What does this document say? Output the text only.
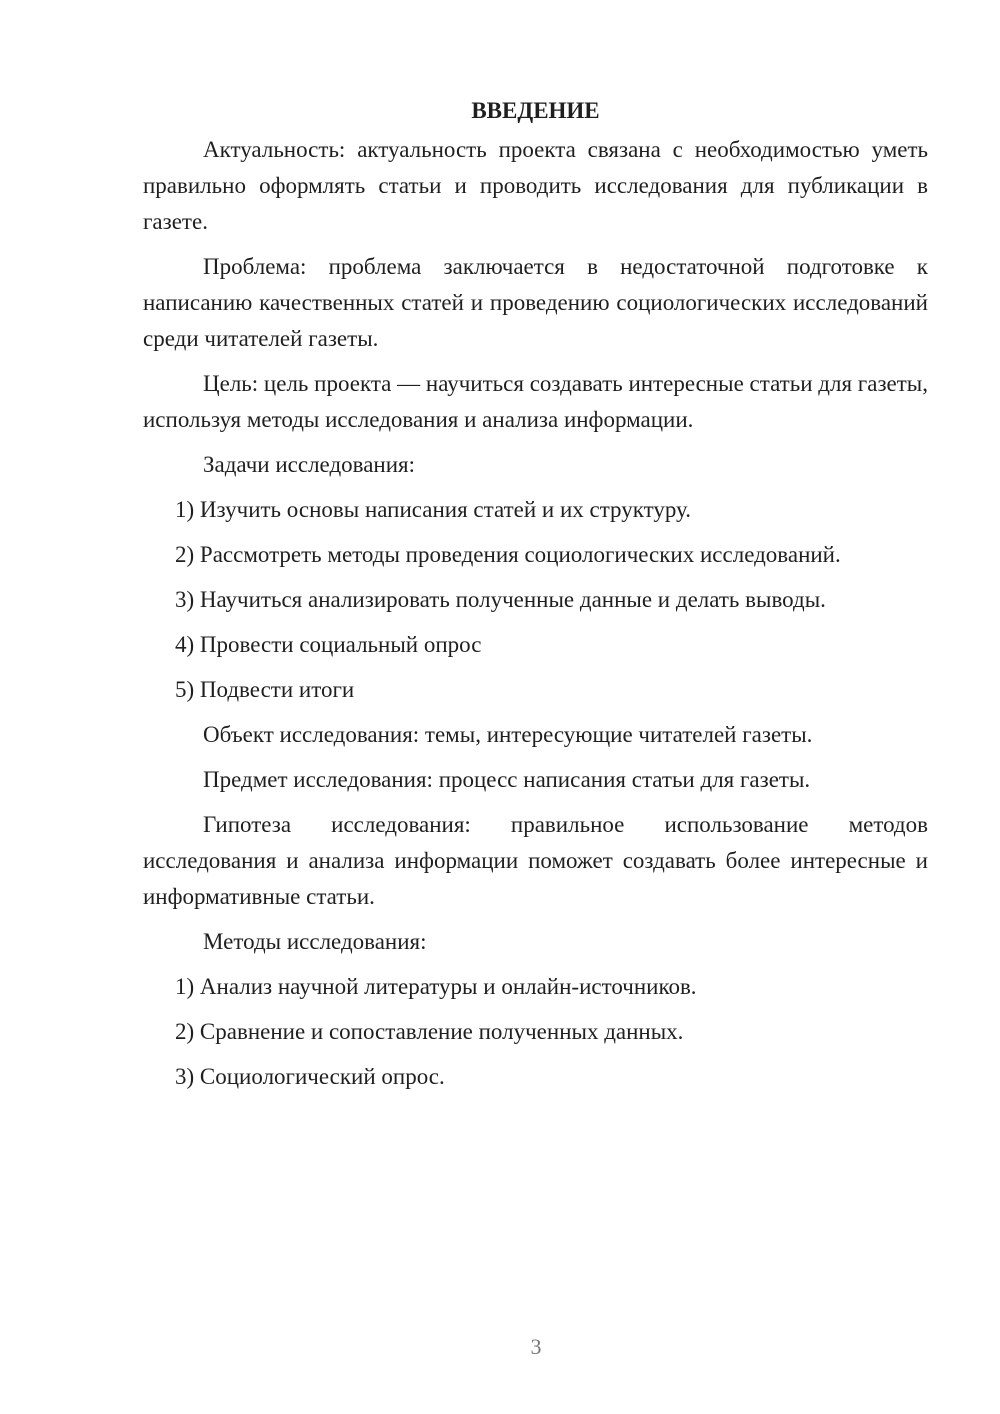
ВВЕДЕНИЕ

Актуальность: актуальность проекта связана с необходимостью уметь правильно оформлять статьи и проводить исследования для публикации в газете.

Проблема: проблема заключается в недостаточной подготовке к написанию качественных статей и проведению социологических исследований среди читателей газеты.

Цель: цель проекта — научиться создавать интересные статьи для газеты, используя методы исследования и анализа информации.

Задачи исследования:

1) Изучить основы написания статей и их структуру.

2) Рассмотреть методы проведения социологических исследований.

3) Научиться анализировать полученные данные и делать выводы.

4) Провести социальный опрос

5) Подвести итоги

Объект исследования: темы, интересующие читателей газеты.

Предмет исследования: процесс написания статьи для газеты.

Гипотеза исследования: правильное использование методов исследования и анализа информации поможет создавать более интересные и информативные статьи.

Методы исследования:

1) Анализ научной литературы и онлайн-источников.

2) Сравнение и сопоставление полученных данных.

3) Социологический опрос.

3
